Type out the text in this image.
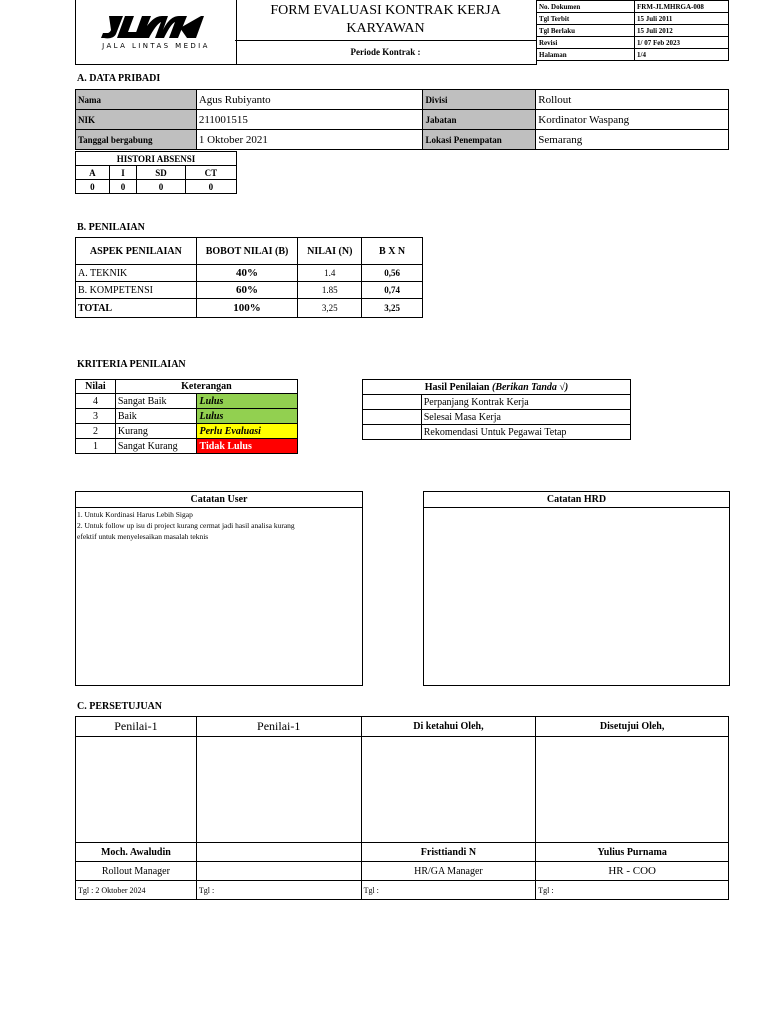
JALA LINTAS MEDIA
FORM EVALUASI KONTRAK KERJA
KARYAWAN
Periode Kontrak :
No. Dokumen	FRM-JLMHRGA-008
Tgl Terbit	15 Juli 2011
Tgl Berlaku	15 Juli 2012
Revisi	1/ 07 Feb 2023
Halaman	1/4
A. DATA PRIBADI
Nama	Agus Rubiyanto	Divisi	Rollout
NIK	211001515	Jabatan	Kordinator Waspang
Tanggal bergabung	1 Oktober 2021	Lokasi Penempatan	Semarang
HISTORI ABSENSI			
A	I	SD	CT
0	0	0	0
B. PENILAIAN
ASPEK PENILAIAN	BOBOT NILAI (B)	NILAI (N)	B X N
A. TEKNIK	40%	1.4	0,56
B. KOMPETENSI	60%	1.85	0,74
TOTAL	100%	3,25	3,25
KRITERIA PENILAIAN
Nilai	Keterangan	
4	Sangat Baik	Lulus
3	Baik	Lulus
2	Kurang	Perlu Evaluasi
1	Sangat Kurang	Tidak Lulus
Hasil Penilaian (Berikan Tanda √)	
	Perpanjang Kontrak Kerja
	Selesai Masa Kerja
	Rekomendasi Untuk Pegawai Tetap
Catatan User
1. Untuk Kordinasi Harus Lebih Sigap
2. Untuk follow up isu di project kurang cermat jadi hasil analisa kurang
efektif untuk menyelesaikan masalah teknis
Catatan HRD
C. PERSETUJUAN
Penilai-1	Penilai-1	Di ketahui Oleh,	Disetujui Oleh,

Moch. Awaludin		Fristtiandi N	Yulius Purnama
Rollout Manager		HR/GA Manager	HR - COO
Tgl : 2 Oktober 2024	Tgl :	Tgl :	Tgl :
